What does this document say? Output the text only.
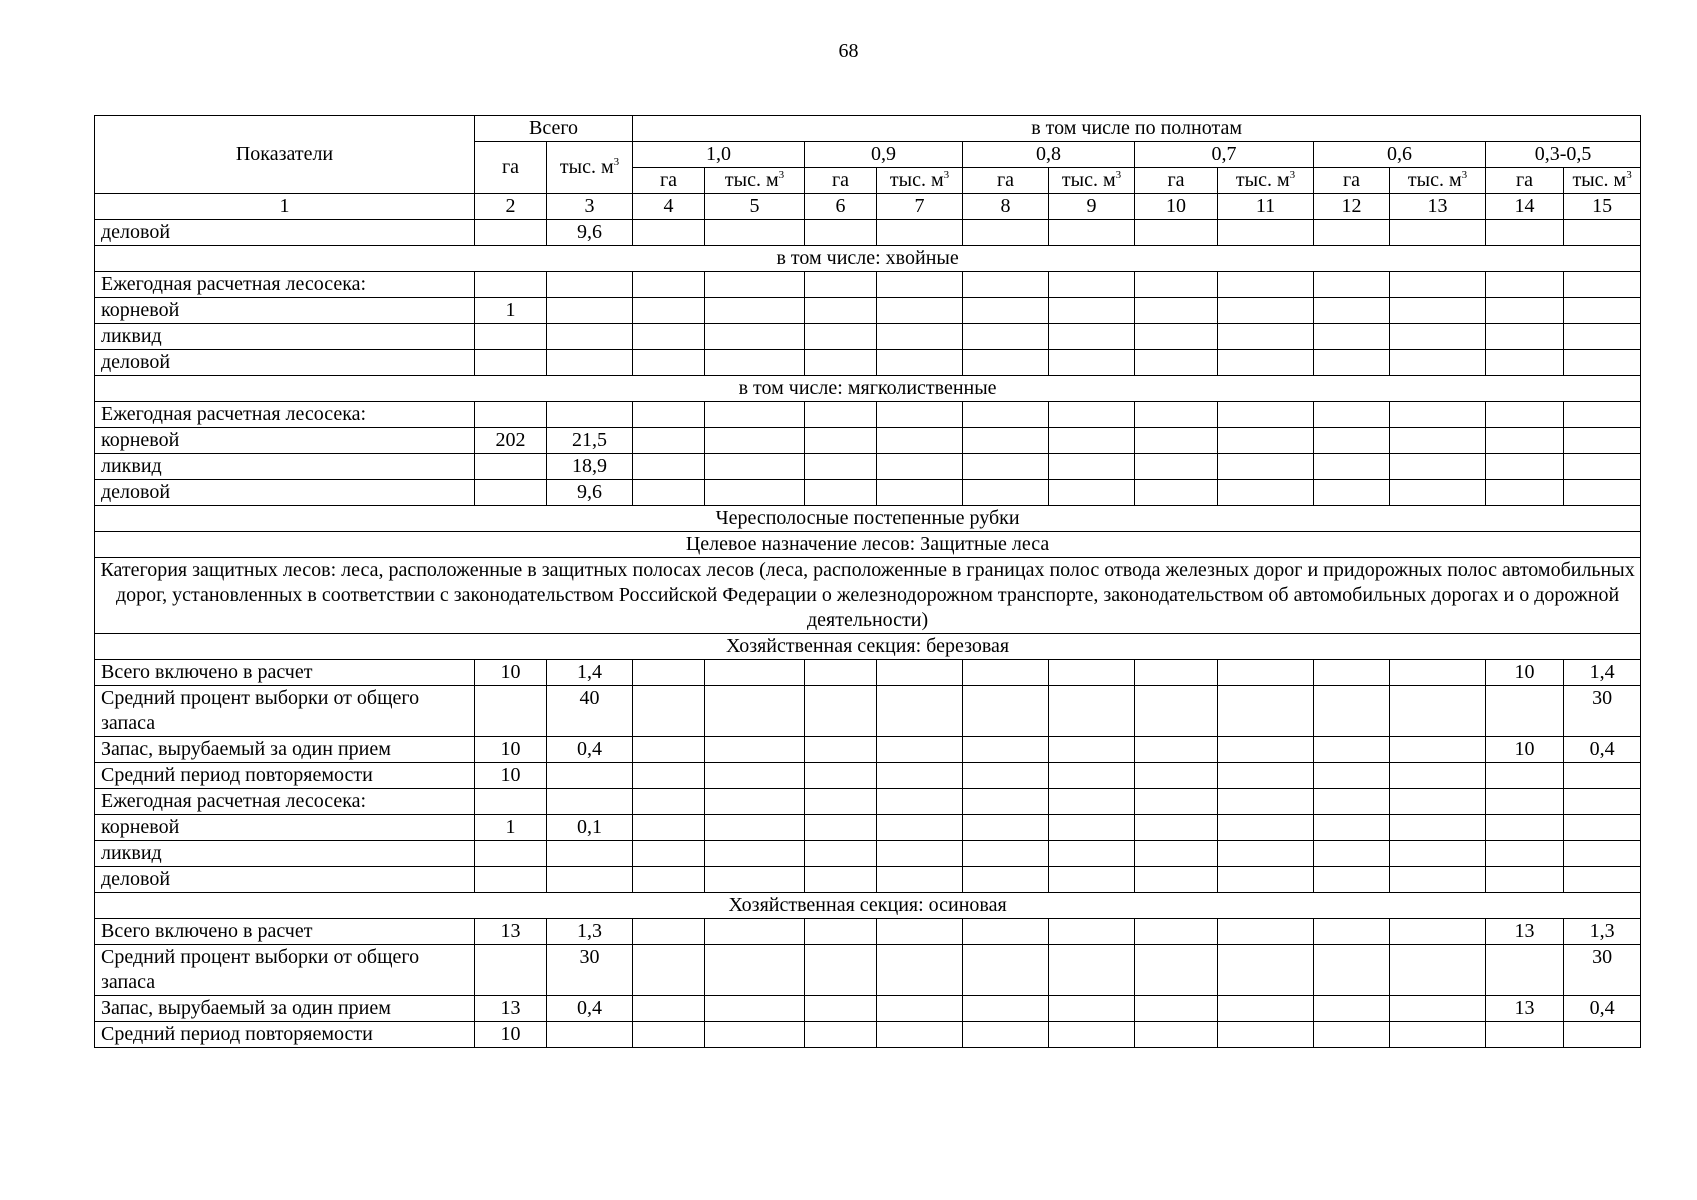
68
Показатели	Всего		в том числе по полнотам											
	га	тыс. $м^3$	1,0		0,9		0,8		0,7		0,6		0,3-0,5	
			га	тыс. $м^3$	га	тыс. $м^3$	га	тыс. $м^3$	га	тыс. $м^3$	га	тыс. $м^3$	га	тыс. $м^3$
1	2	3	4	5	6	7	8	9	10	11	12	13	14	15
деловой		9,6												
в том числе: хвойные														
Ежегодная расчетная лесосека:														
корневой	1													
ликвид														
деловой														
в том числе: мягколиственные														
Ежегодная расчетная лесосека:														
корневой	202	21,5												
ликвид		18,9												
деловой		9,6												
Чересполосные постепенные рубки														
Целевое назначение лесов: Защитные леса														
Категория защитных лесов: леса, расположенные в защитных полосах лесов (леса, расположенные в границах полос отвода железных дорог и придорожных полос автомобильных дорог, установленных в соответствии с законодательством Российской Федерации о железнодорожном транспорте, законодательством об автомобильных дорогах и о дорожной деятельности)														
Хозяйственная секция: березовая														
Всего включено в расчет	10	1,4											10	1,4
Средний процент выборки от общего запаса		40												30
Запас, вырубаемый за один прием	10	0,4											10	0,4
Средний период повторяемости	10													
Ежегодная расчетная лесосека:														
корневой	1	0,1												
ликвид														
деловой														
Хозяйственная секция: осиновая														
Всего включено в расчет	13	1,3											13	1,3
Средний процент выборки от общего запаса		30												30
Запас, вырубаемый за один прием	13	0,4											13	0,4
Средний период повторяемости	10													
